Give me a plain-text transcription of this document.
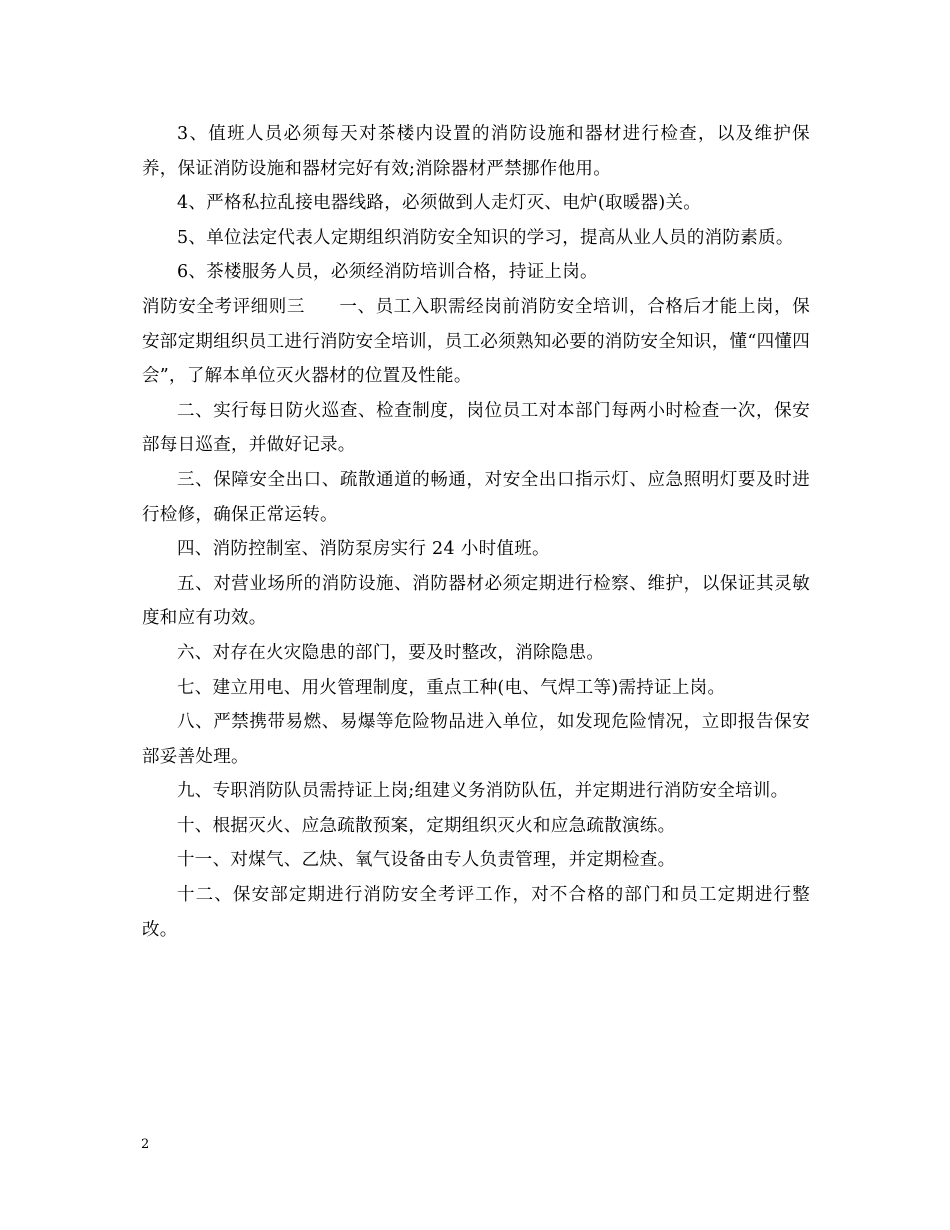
3、值班人员必须每天对茶楼内设置的消防设施和器材进行检查，以及维护保养，保证消防设施和器材完好有效;消除器材严禁挪作他用。

4、严格私拉乱接电器线路，必须做到人走灯灭、电炉(取暖器)关。

5、单位法定代表人定期组织消防安全知识的学习，提高从业人员的消防素质。

6、茶楼服务人员，必须经消防培训合格，持证上岗。

消防安全考评细则三 一、员工入职需经岗前消防安全培训，合格后才能上岗，保安部定期组织员工进行消防安全培训，员工必须熟知必要的消防安全知识，懂“四懂四会”，了解本单位灭火器材的位置及性能。

二、实行每日防火巡查、检查制度，岗位员工对本部门每两小时检查一次，保安部每日巡查，并做好记录。

三、保障安全出口、疏散通道的畅通，对安全出口指示灯、应急照明灯要及时进行检修，确保正常运转。

四、消防控制室、消防泵房实行 24 小时值班。

五、对营业场所的消防设施、消防器材必须定期进行检察、维护，以保证其灵敏度和应有功效。

六、对存在火灾隐患的部门，要及时整改，消除隐患。

七、建立用电、用火管理制度，重点工种(电、气焊工等)需持证上岗。

八、严禁携带易燃、易爆等危险物品进入单位，如发现危险情况，立即报告保安部妥善处理。

九、专职消防队员需持证上岗;组建义务消防队伍，并定期进行消防安全培训。

十、根据灭火、应急疏散预案，定期组织灭火和应急疏散演练。

十一、对煤气、乙炔、氧气设备由专人负责管理，并定期检查。

十二、保安部定期进行消防安全考评工作，对不合格的部门和员工定期进行整改。

2
